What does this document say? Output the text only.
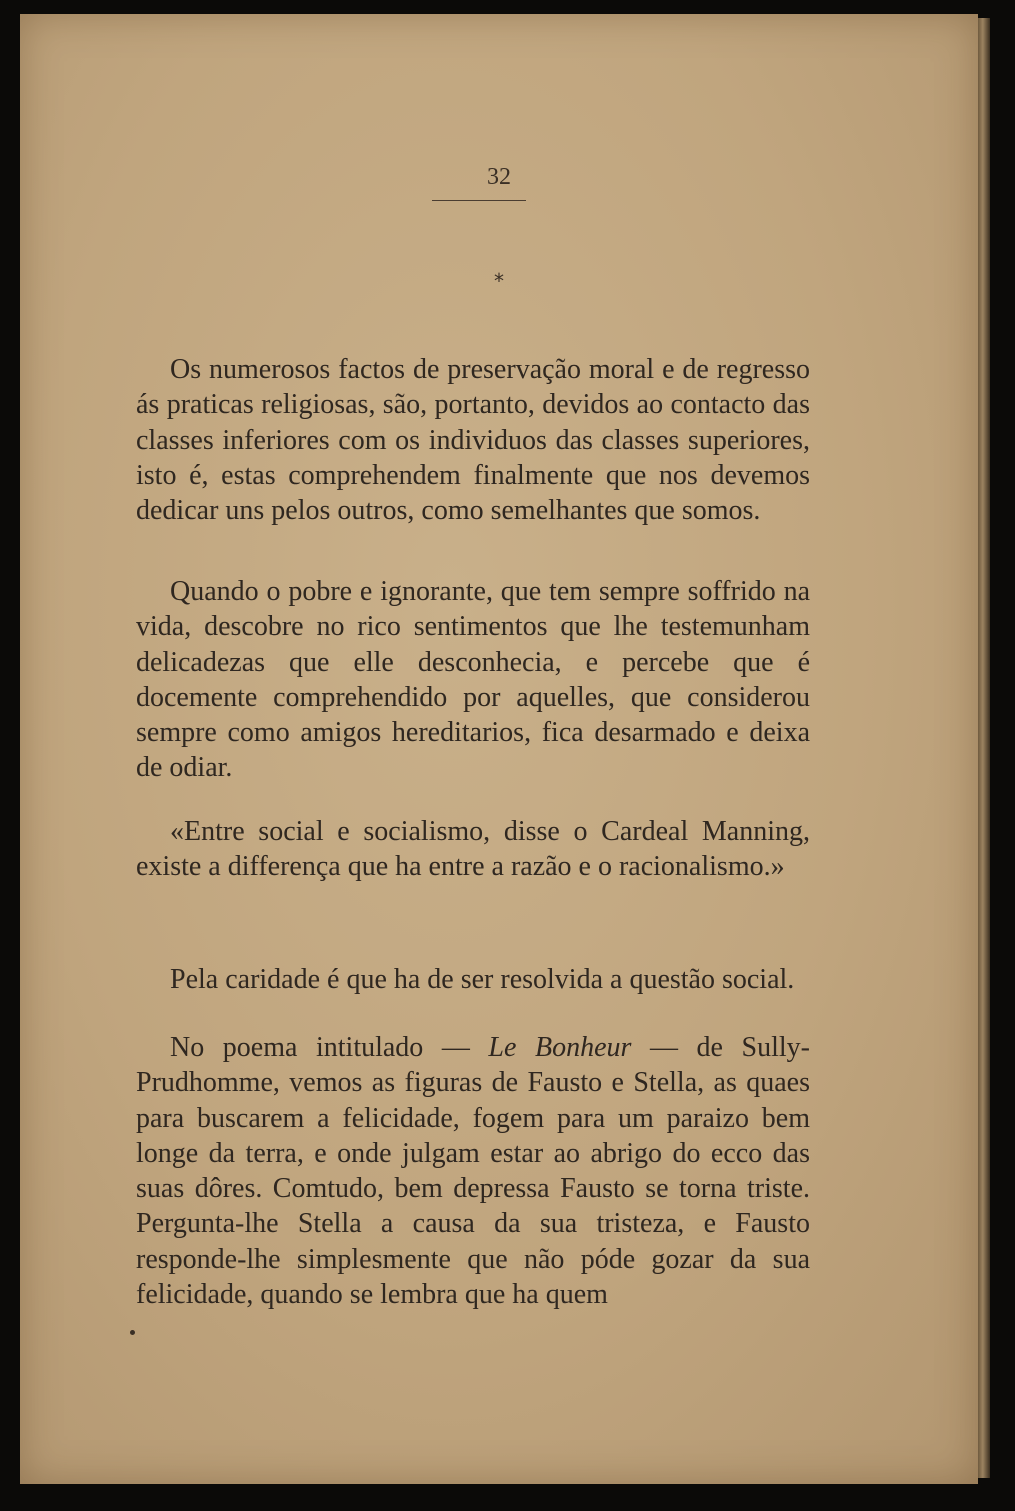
32
*

Os numerosos factos de preservação moral e de regresso ás praticas religiosas, são, portanto, devidos ao contacto das classes inferiores com os individuos das classes superiores, isto é, estas comprehendem finalmente que nos devemos dedicar uns pelos outros, como semelhantes que somos.

Quando o pobre e ignorante, que tem sempre soffrido na vida, descobre no rico sentimentos que lhe testemunham delicadezas que elle desconhecia, e percebe que é docemente comprehendido por aquelles, que considerou sempre como amigos hereditarios, fica desarmado e deixa de odiar.

«Entre social e socialismo, disse o Cardeal Manning, existe a differença que ha entre a razão e o racionalismo.»

Pela caridade é que ha de ser resolvida a questão social.

No poema intitulado — Le Bonheur — de Sully-Prudhomme, vemos as figuras de Fausto e Stella, as quaes para buscarem a felicidade, fogem para um paraizo bem longe da terra, e onde julgam estar ao abrigo do ecco das suas dôres. Comtudo, bem depressa Fausto se torna triste. Pergunta-lhe Stella a causa da sua tristeza, e Fausto responde-lhe simplesmente que não póde gozar da sua felicidade, quando se lembra que ha quem
